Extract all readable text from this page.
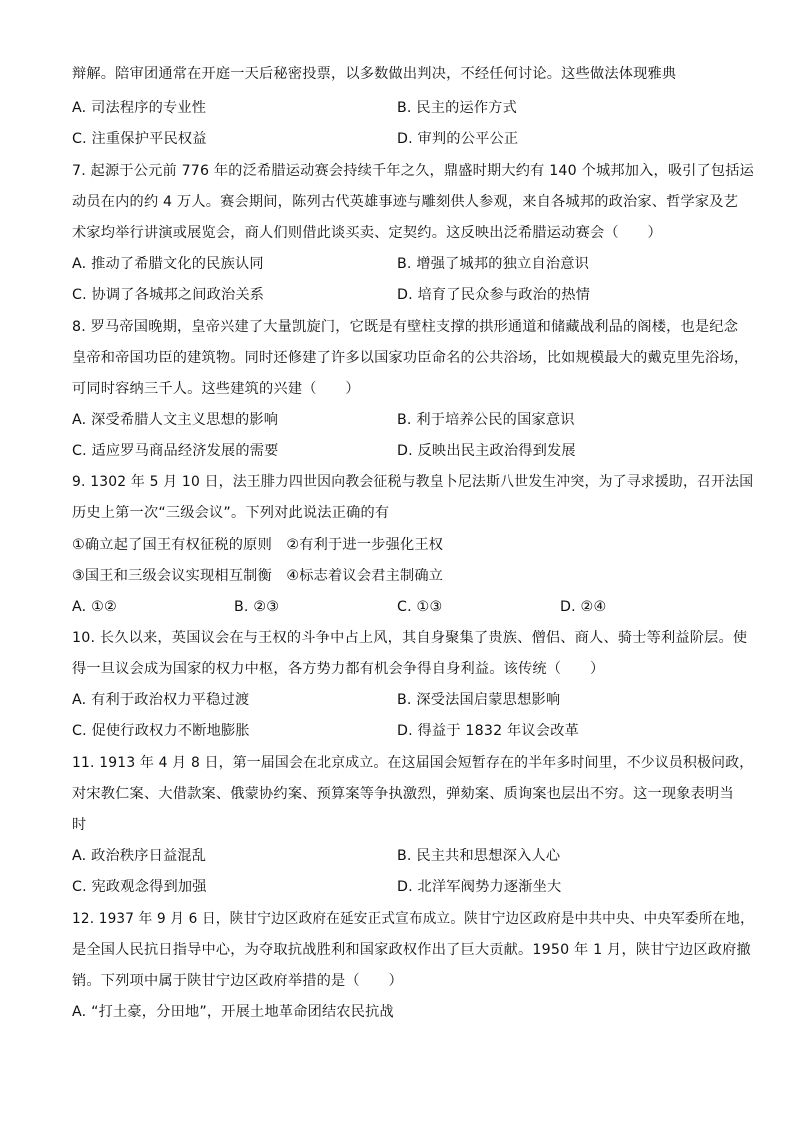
辩解。陪审团通常在开庭一天后秘密投票，以多数做出判决，不经任何讨论。这些做法体现雅典
A. 司法程序的专业性	B. 民主的运作方式
C. 注重保护平民权益	D. 审判的公平公正
7. 起源于公元前 776 年的泛希腊运动赛会持续千年之久，鼎盛时期大约有 140 个城邦加入，吸引了包括运
动员在内的约 4 万人。赛会期间，陈列古代英雄事迹与雕刻供人参观，来自各城邦的政治家、哲学家及艺
术家均举行讲演或展览会，商人们则借此谈买卖、定契约。这反映出泛希腊运动赛会（　　）
A. 推动了希腊文化的民族认同	B. 增强了城邦的独立自治意识
C. 协调了各城邦之间政治关系	D. 培育了民众参与政治的热情
8. 罗马帝国晚期，皇帝兴建了大量凯旋门，它既是有壁柱支撑的拱形通道和储藏战利品的阁楼，也是纪念
皇帝和帝国功臣的建筑物。同时还修建了许多以国家功臣命名的公共浴场，比如规模最大的戴克里先浴场，
可同时容纳三千人。这些建筑的兴建（　　）
A. 深受希腊人文主义思想的影响	B. 利于培养公民的国家意识
C. 适应罗马商品经济发展的需要	D. 反映出民主政治得到发展
9. 1302 年 5 月 10 日，法王腓力四世因向教会征税与教皇卜尼法斯八世发生冲突，为了寻求援助，召开法国
历史上第一次“三级会议”。下列对此说法正确的有
①确立起了国王有权征税的原则　②有利于进一步强化王权
③国王和三级会议实现相互制衡　④标志着议会君主制确立
A. ①②	B. ②③	C. ①③	D. ②④
10. 长久以来，英国议会在与王权的斗争中占上风，其自身聚集了贵族、僧侣、商人、骑士等利益阶层。使
得一旦议会成为国家的权力中枢，各方势力都有机会争得自身利益。该传统（　　）
A. 有利于政治权力平稳过渡	B. 深受法国启蒙思想影响
C. 促使行政权力不断地膨胀	D. 得益于 1832 年议会改革
11. 1913 年 4 月 8 日，第一届国会在北京成立。在这届国会短暂存在的半年多时间里，不少议员积极问政，
对宋教仁案、大借款案、俄蒙协约案、预算案等争执激烈，弹劾案、质询案也层出不穷。这一现象表明当
时
A. 政治秩序日益混乱	B. 民主共和思想深入人心
C. 宪政观念得到加强	D. 北洋军阀势力逐渐坐大
12. 1937 年 9 月 6 日，陕甘宁边区政府在延安正式宣布成立。陕甘宁边区政府是中共中央、中央军委所在地，
是全国人民抗日指导中心，为夺取抗战胜利和国家政权作出了巨大贡献。1950 年 1 月，陕甘宁边区政府撤
销。下列项中属于陕甘宁边区政府举措的是（　　）
A. “打土豪，分田地”，开展土地革命团结农民抗战
